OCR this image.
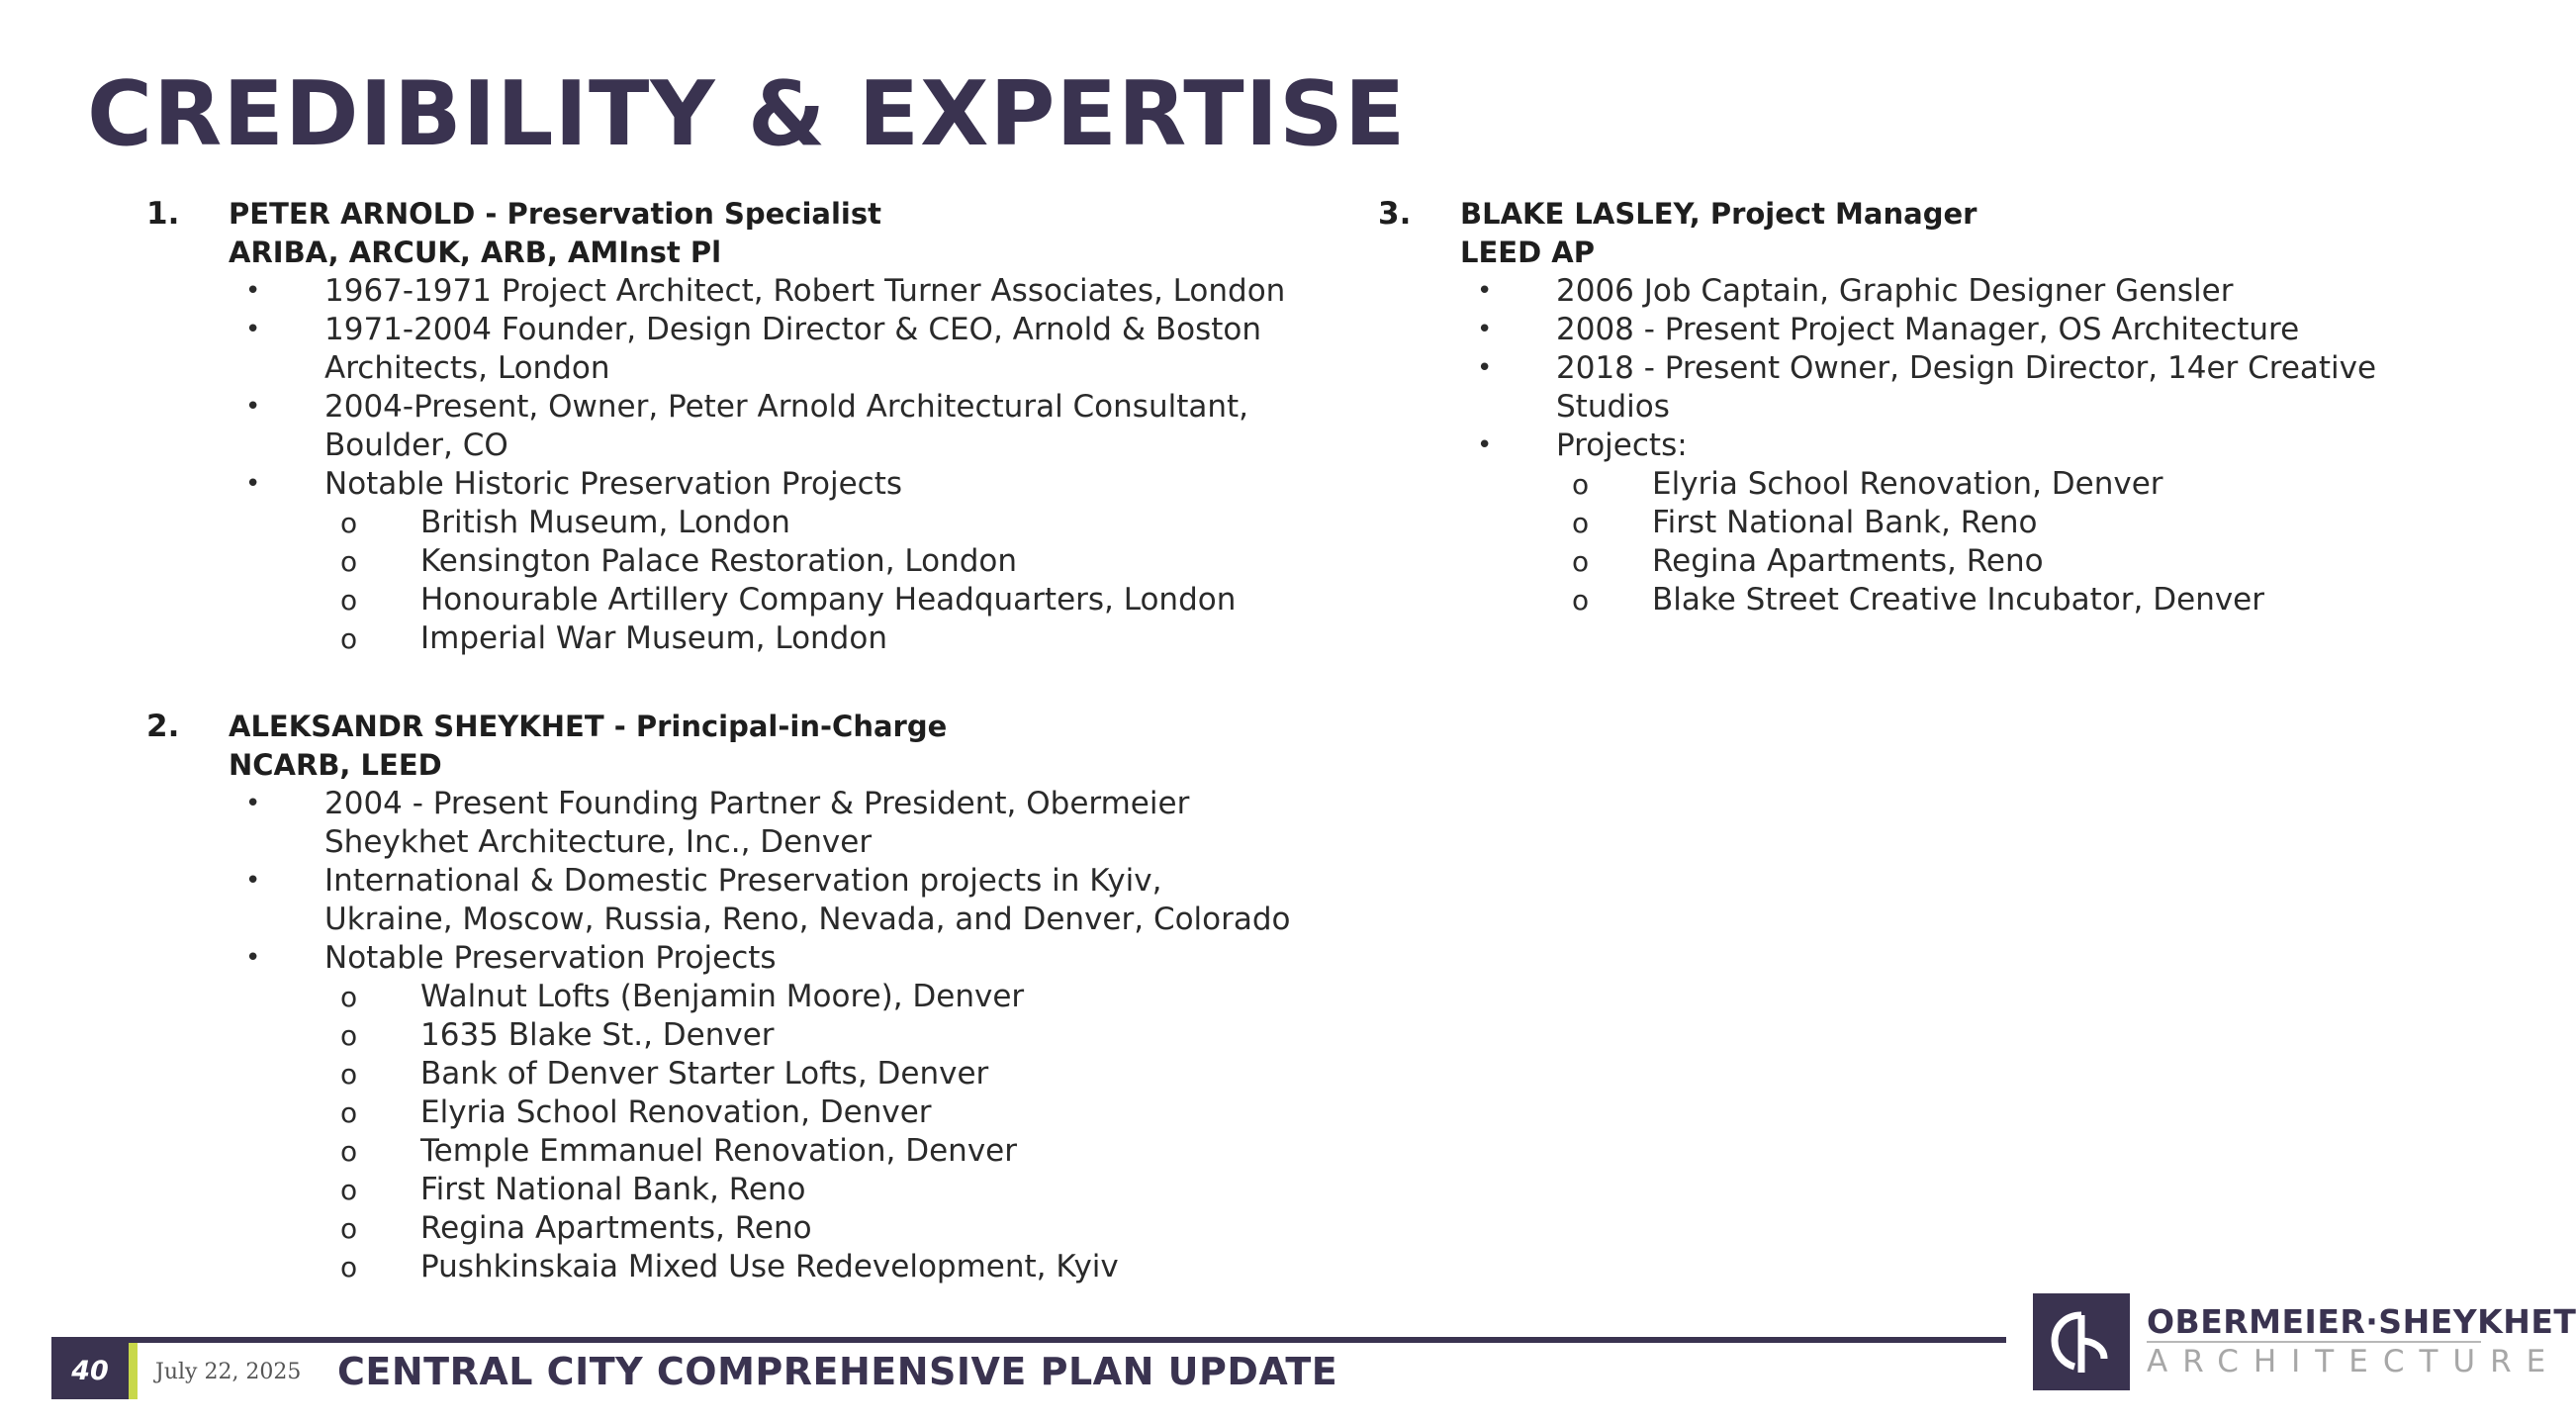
CREDIBILITY & EXPERTISE
1. PETER ARNOLD - Preservation Specialist
ARIBA, ARCUK, ARB, AMInst Pl
• 1967-1971 Project Architect, Robert Turner Associates, London
• 1971-2004 Founder, Design Director & CEO, Arnold & Boston Architects, London
• 2004-Present, Owner, Peter Arnold Architectural Consultant, Boulder, CO
• Notable Historic Preservation Projects
o British Museum, London
o Kensington Palace Restoration, London
o Honourable Artillery Company Headquarters, London
o Imperial War Museum, London
2. ALEKSANDR SHEYKHET - Principal-in-Charge
NCARB, LEED
• 2004 - Present Founding Partner & President, Obermeier Sheykhet Architecture, Inc., Denver
• International & Domestic Preservation projects in Kyiv, Ukraine, Moscow, Russia, Reno, Nevada, and Denver, Colorado
• Notable Preservation Projects
o Walnut Lofts (Benjamin Moore), Denver
o 1635 Blake St., Denver
o Bank of Denver Starter Lofts, Denver
o Elyria School Renovation, Denver
o Temple Emmanuel Renovation, Denver
o First National Bank, Reno
o Regina Apartments, Reno
o Pushkinskaia Mixed Use Redevelopment, Kyiv
3. BLAKE LASLEY, Project Manager
LEED AP
• 2006 Job Captain, Graphic Designer Gensler
• 2008 - Present Project Manager, OS Architecture
• 2018 - Present Owner, Design Director, 14er Creative Studios
• Projects:
o Elyria School Renovation, Denver
o First National Bank, Reno
o Regina Apartments, Reno
o Blake Street Creative Incubator, Denver
40	July 22, 2025 CENTRAL CITY COMPREHENSIVE PLAN UPDATE
OBERMEIER·SHEYKHET
ARCHITECTURE
